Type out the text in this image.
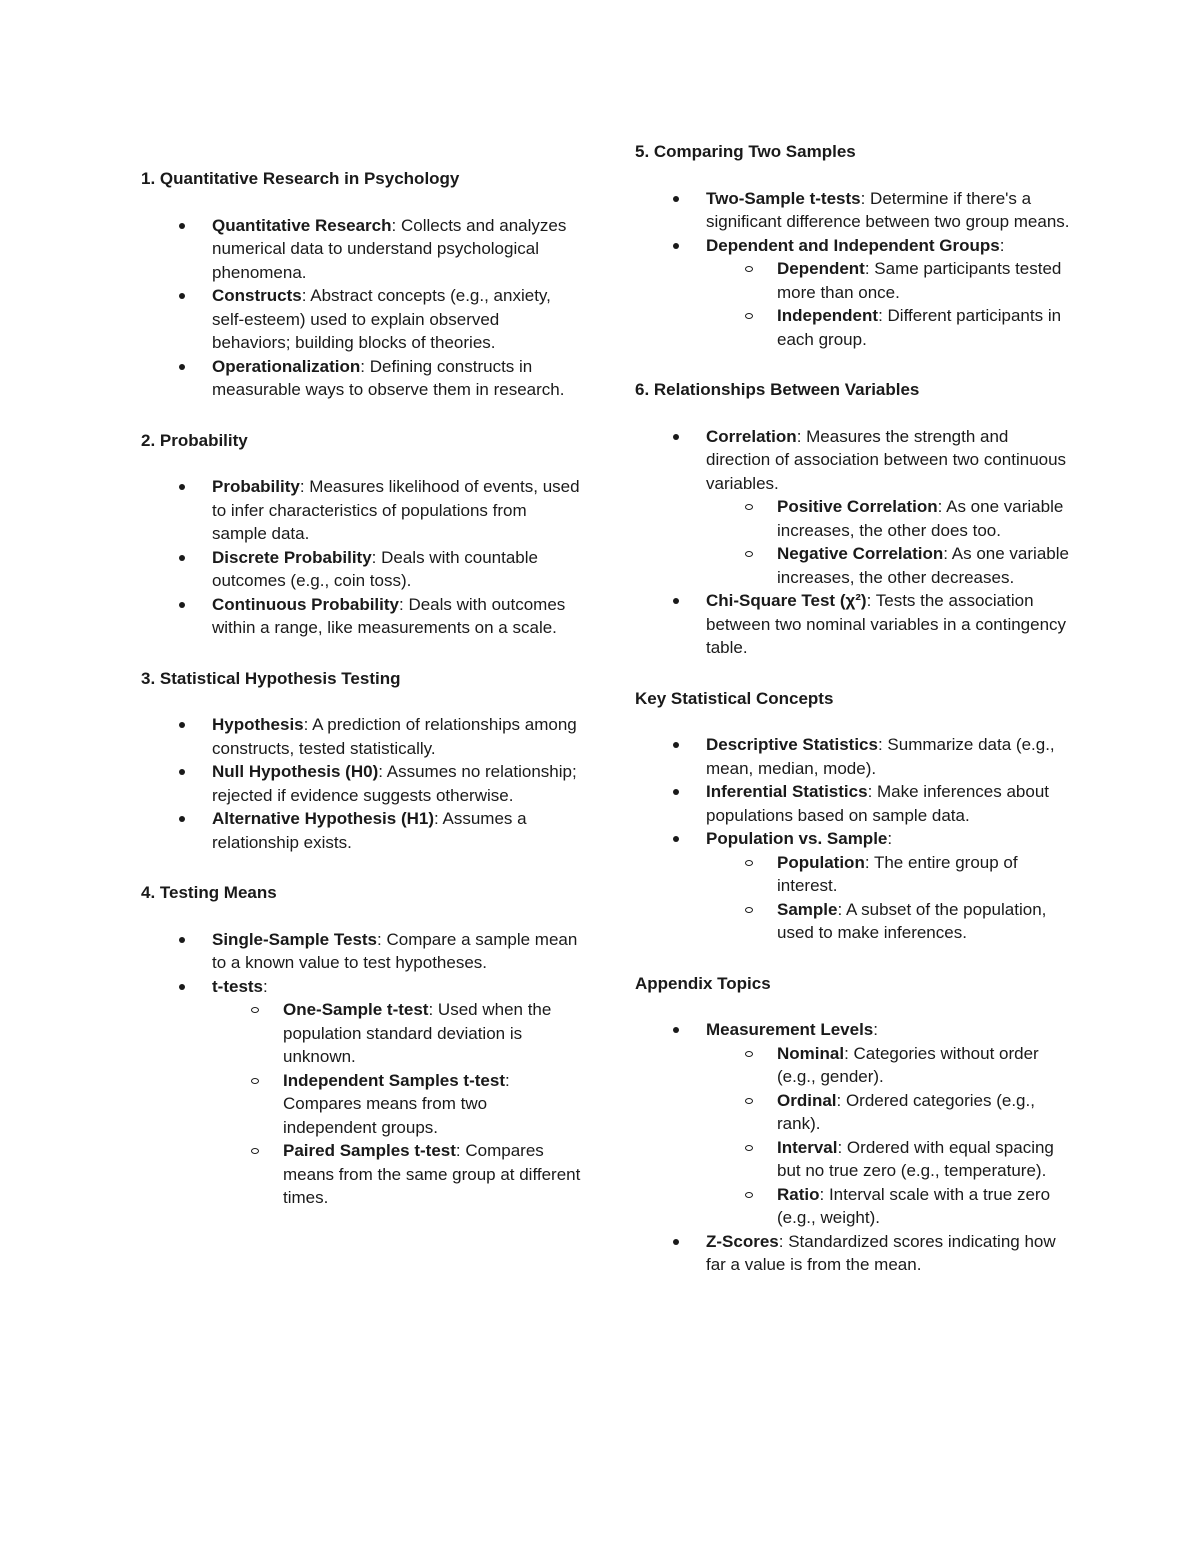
1. Quantitative Research in Psychology
Quantitative Research: Collects and analyzes numerical data to understand psychological phenomena.
Constructs: Abstract concepts (e.g., anxiety, self-esteem) used to explain observed behaviors; building blocks of theories.
Operationalization: Defining constructs in measurable ways to observe them in research.
2. Probability
Probability: Measures likelihood of events, used to infer characteristics of populations from sample data.
Discrete Probability: Deals with countable outcomes (e.g., coin toss).
Continuous Probability: Deals with outcomes within a range, like measurements on a scale.
3. Statistical Hypothesis Testing
Hypothesis: A prediction of relationships among constructs, tested statistically.
Null Hypothesis (H0): Assumes no relationship; rejected if evidence suggests otherwise.
Alternative Hypothesis (H1): Assumes a relationship exists.
4. Testing Means
Single-Sample Tests: Compare a sample mean to a known value to test hypotheses.
t-tests:
One-Sample t-test: Used when the population standard deviation is unknown.
Independent Samples t-test: Compares means from two independent groups.
Paired Samples t-test: Compares means from the same group at different times.
5. Comparing Two Samples
Two-Sample t-tests: Determine if there's a significant difference between two group means.
Dependent and Independent Groups:
Dependent: Same participants tested more than once.
Independent: Different participants in each group.
6. Relationships Between Variables
Correlation: Measures the strength and direction of association between two continuous variables.
Positive Correlation: As one variable increases, the other does too.
Negative Correlation: As one variable increases, the other decreases.
Chi-Square Test (χ²): Tests the association between two nominal variables in a contingency table.
Key Statistical Concepts
Descriptive Statistics: Summarize data (e.g., mean, median, mode).
Inferential Statistics: Make inferences about populations based on sample data.
Population vs. Sample:
Population: The entire group of interest.
Sample: A subset of the population, used to make inferences.
Appendix Topics
Measurement Levels:
Nominal: Categories without order (e.g., gender).
Ordinal: Ordered categories (e.g., rank).
Interval: Ordered with equal spacing but no true zero (e.g., temperature).
Ratio: Interval scale with a true zero (e.g., weight).
Z-Scores: Standardized scores indicating how far a value is from the mean.
